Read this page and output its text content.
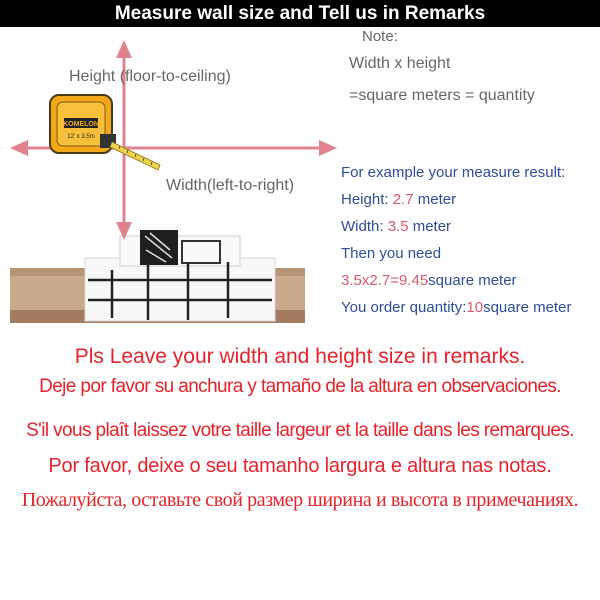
Measure wall size and Tell us in Remarks
KOMELON
12' x 3.5m
Note:
Width x height
=square meters = quantity
Height (floor-to-ceiling)
Width(left-to-right)
For example your measure result:
Height: 2.7 meter
Width: 3.5 meter
Then you need
3.5x2.7=9.45square meter
You order quantity:10square meter
Pls Leave your width and height size in remarks.
Deje por favor su anchura y tamaño de la altura en observaciones.
S'il vous plaît laissez votre taille largeur et la taille dans les remarques.
Por favor, deixe o seu tamanho largura e altura nas notas.
Пожалуйста, оставьте свой размер ширина и высота в примечаниях.
